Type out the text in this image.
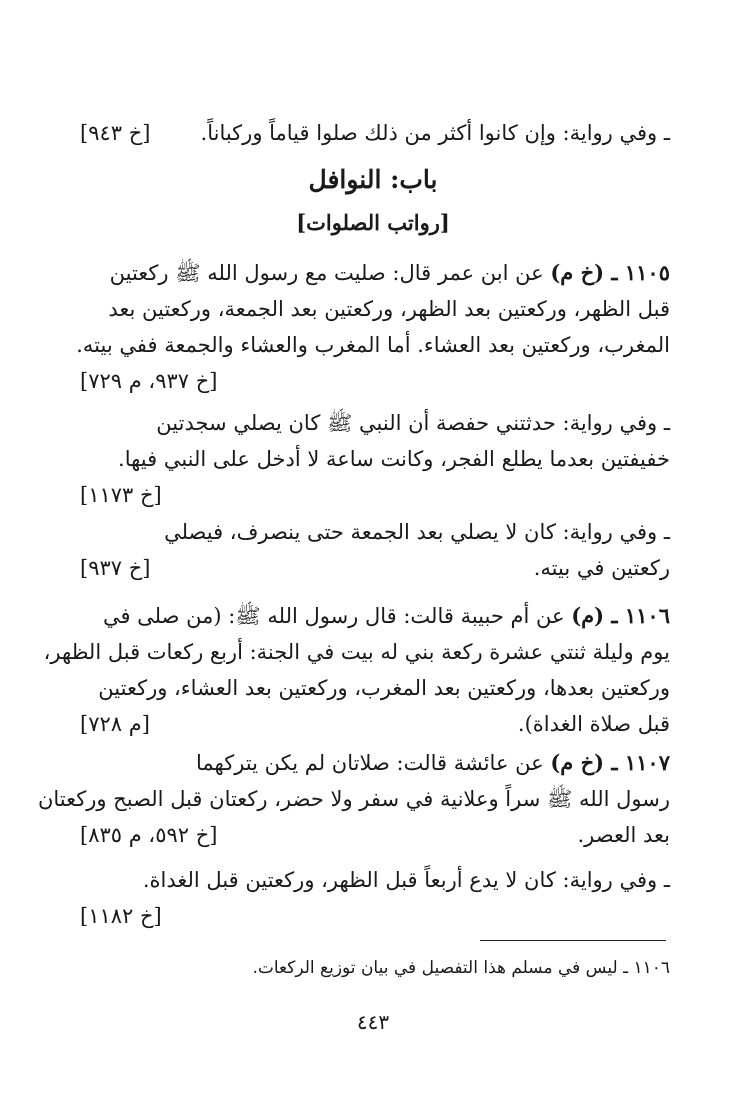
ـ وفي رواية: وإن كانوا أكثر من ذلك صلوا قياماً وركباناً.
[خ ٩٤٣]
باب: النوافل
[رواتب الصلوات]
١١٠٥ ـ (خ م) عن ابن عمر قال: صليت مع رسول الله ﷺ ركعتين
قبل الظهر، وركعتين بعد الظهر، وركعتين بعد الجمعة، وركعتين بعد
المغرب، وركعتين بعد العشاء. أما المغرب والعشاء والجمعة ففي بيته.
[خ ٩٣٧، م ٧٢٩]
ـ وفي رواية: حدثتني حفصة أن النبي ﷺ كان يصلي سجدتين
خفيفتين بعدما يطلع الفجر، وكانت ساعة لا أدخل على النبي فيها.
[خ ١١٧٣]
ـ وفي رواية: كان لا يصلي بعد الجمعة حتى ينصرف، فيصلي
ركعتين في بيته.
[خ ٩٣٧]
١١٠٦ ـ (م) عن أم حبيبة قالت: قال رسول الله ﷺ: (من صلى في
يوم وليلة ثنتي عشرة ركعة بني له بيت في الجنة: أربع ركعات قبل الظهر،
وركعتين بعدها، وركعتين بعد المغرب، وركعتين بعد العشاء، وركعتين
قبل صلاة الغداة).
[م ٧٢٨]
١١٠٧ ـ (خ م) عن عائشة قالت: صلاتان لم يكن يتركهما
رسول الله ﷺ سراً وعلانية في سفر ولا حضر، ركعتان قبل الصبح وركعتان
بعد العصر.
[خ ٥٩٢، م ٨٣٥]
ـ وفي رواية: كان لا يدع أربعاً قبل الظهر، وركعتين قبل الغداة.
[خ ١١٨٢]
١١٠٦ ـ ليس في مسلم هذا التفصيل في بيان توزيع الركعات.
٤٤٣
